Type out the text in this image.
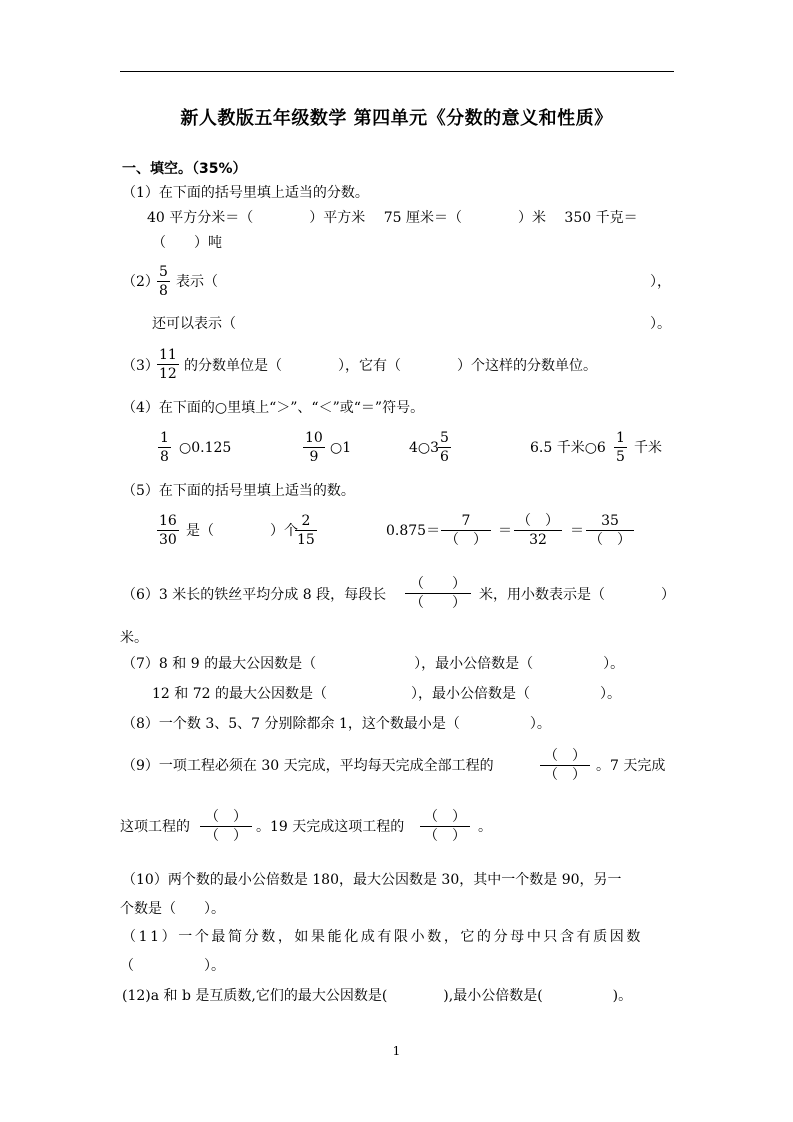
新人教版五年级数学 第四单元《分数的意义和性质》
一、填空。（35%）
（1）在下面的括号里填上适当的分数。
40 平方分米＝（　　　　）平方米　 75 厘米＝（　　　　）米　 350 千克＝
（　　）吨
（2）
5
8
表示（	），
还可以表示（	）。
（3）
11
12 的分数单位是（　　　　），它有（　　　　）个这样的分数单位。
（4）在下面的○里填上“＞”、“＜”或“＝”符号。
1
8
○0.125
10
9
○1	4○3
5
6
6.5 千米○6
1
5
千米
（5）在下面的括号里填上适当的数。
16
30
是（　　　　）个
2
15
0.875＝
7
（　）
＝
（　）
32
＝
35
（　）
（6）3 米长的铁丝平均分成 8 段，每段长
（　　）
（　　） 米，用小数表示是（　　　　）
米。
（7）8 和 9 的最大公因数是（　　　　　　　），最小公倍数是（　　　　　）。
12 和 72 的最大公因数是（　　　　　　），最小公倍数是（　　　　　）。
（8）一个数 3、5、7 分别除都余 1，这个数最小是（　　　　　）。
（9）一项工程必须在 30 天完成，平均每天完成全部工程的
（　）
（　）
。7 天完成
这项工程的
（　）
（　）
。19 天完成这项工程的
（　）
（　）
。
（10）两个数的最小公倍数是 180，最大公因数是 30，其中一个数是 90，另一
个数是（　　）。
（11）一个最简分数，如果能化成有限小数，它的分母中只含有质因数
（　　　　　）。
(12)a 和 b 是互质数,它们的最大公因数是(　　　　),最小公倍数是(　　　　　)。
1
